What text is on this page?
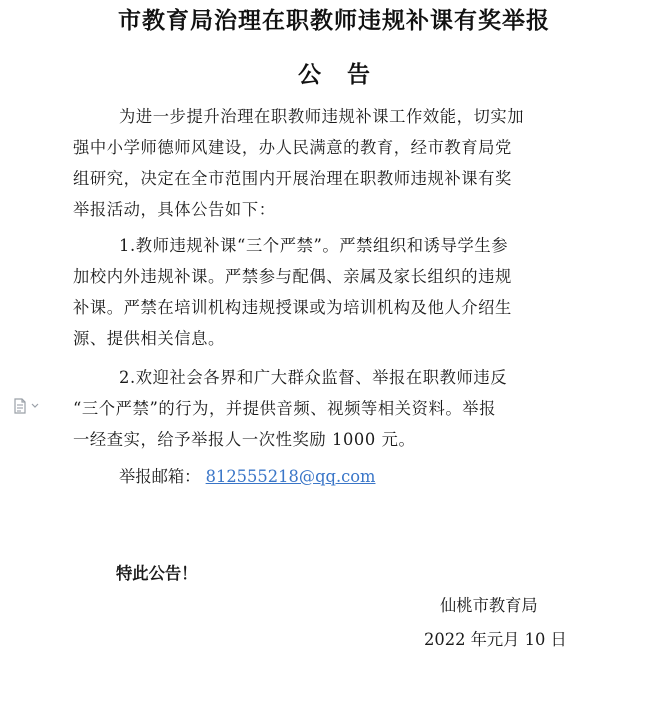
市教育局治理在职教师违规补课有奖举报
公告
为进一步提升治理在职教师违规补课工作效能，切实加
强中小学师德师风建设，办人民满意的教育，经市教育局党
组研究，决定在全市范围内开展治理在职教师违规补课有奖
举报活动，具体公告如下：
1.教师违规补课“三个严禁”。严禁组织和诱导学生参
加校内外违规补课。严禁参与配偶、亲属及家长组织的违规
补课。严禁在培训机构违规授课或为培训机构及他人介绍生
源、提供相关信息。
2.欢迎社会各界和广大群众监督、举报在职教师违反
“三个严禁”的行为，并提供音频、视频等相关资料。举报
一经查实，给予举报人一次性奖励 1000 元。
举报邮箱： 812555218@qq.com
特此公告！
仙桃市教育局
2022 年元月 10 日
